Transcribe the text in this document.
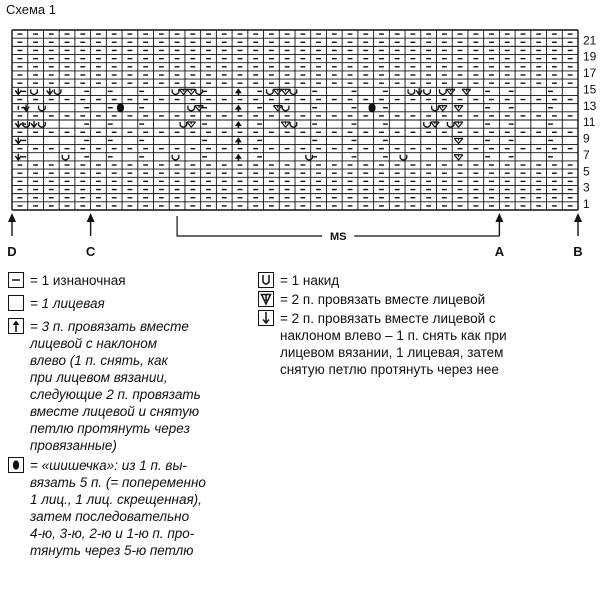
Схема 1
21
19
17
15
13
11
9
7
5
3
1
D	C	A	B
MS
= 1 изнаночная
= 1 лицевая
= 3 п. провязать вместе
лицевой с наклоном
влево (1 п. снять, как
при лицевом вязании,
следующие 2 п. провязать
вместе лицевой и снятую
петлю протянуть через
провязанные)
= «шишечка»: из 1 п. вы-
вязать 5 п. (= попеременно
1 лиц., 1 лиц. скрещенная),
затем последовательно
4-ю, 3-ю, 2-ю и 1-ю п. про-
тянуть через 5-ю петлю
= 1 накид
= 2 п. провязать вместе лицевой
= 2 п. провязать вместе лицевой с
наклоном влево – 1 п. снять как при
лицевом вязании, 1 лицевая, затем
снятую петлю протянуть через нее
